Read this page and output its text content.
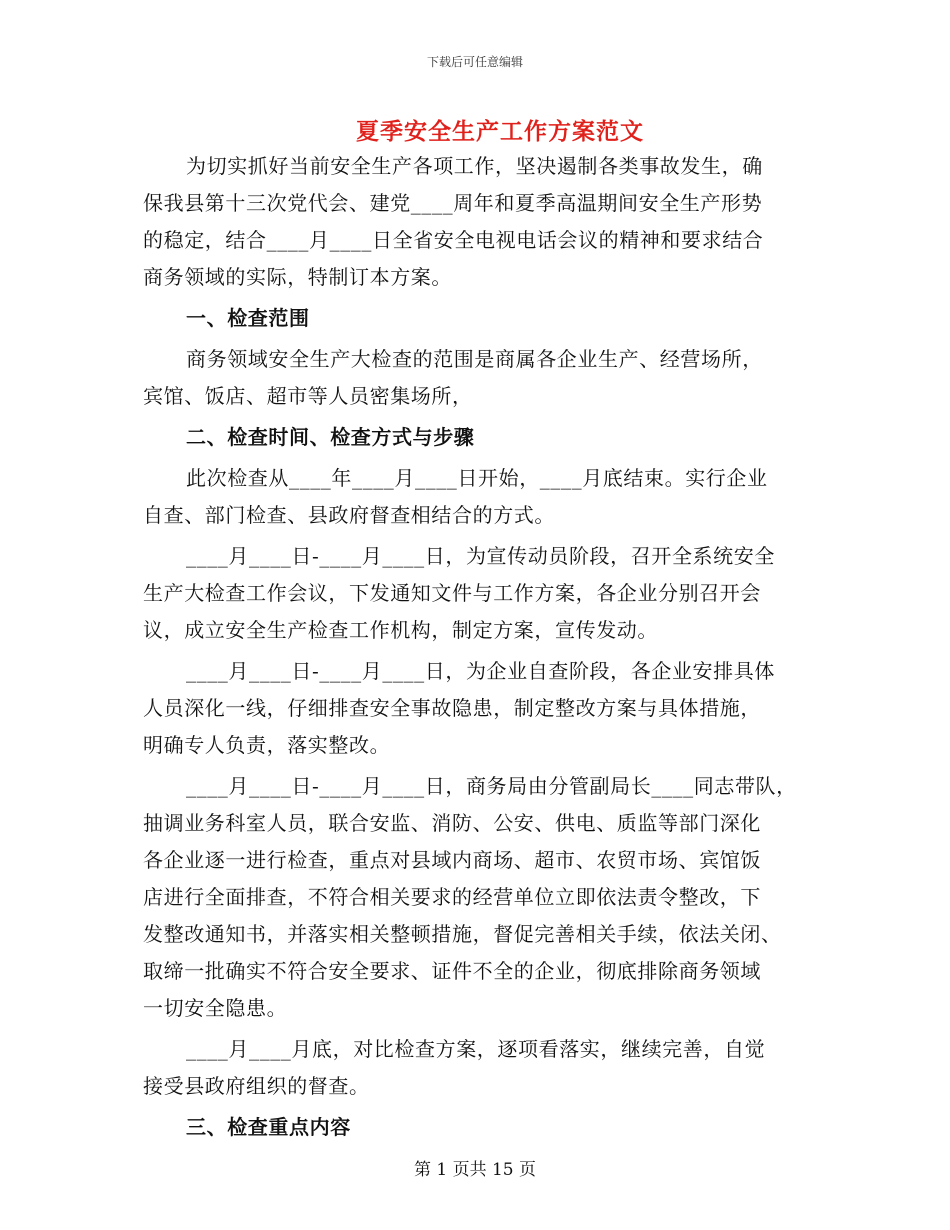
下载后可任意编辑
夏季安全生产工作方案范文
为切实抓好当前安全生产各项工作，坚决遏制各类事故发生，确
保我县第十三次党代会、建党____周年和夏季高温期间安全生产形势
的稳定，结合____月____日全省安全电视电话会议的精神和要求结合
商务领域的实际，特制订本方案。
一、检查范围
商务领域安全生产大检查的范围是商属各企业生产、经营场所，
宾馆、饭店、超市等人员密集场所，
二、检查时间、检查方式与步骤
此次检查从____年____月____日开始，____月底结束。实行企业
自查、部门检查、县政府督查相结合的方式。
____月____日-____月____日，为宣传动员阶段，召开全系统安全
生产大检查工作会议，下发通知文件与工作方案，各企业分别召开会
议，成立安全生产检查工作机构，制定方案，宣传发动。
____月____日-____月____日，为企业自查阶段，各企业安排具体
人员深化一线，仔细排查安全事故隐患，制定整改方案与具体措施，
明确专人负责，落实整改。
____月____日-____月____日，商务局由分管副局长____同志带队，
抽调业务科室人员，联合安监、消防、公安、供电、质监等部门深化
各企业逐一进行检查，重点对县域内商场、超市、农贸市场、宾馆饭
店进行全面排查，不符合相关要求的经营单位立即依法责令整改，下
发整改通知书，并落实相关整顿措施，督促完善相关手续，依法关闭、
取缔一批确实不符合安全要求、证件不全的企业，彻底排除商务领域
一切安全隐患。
____月____月底，对比检查方案，逐项看落实，继续完善，自觉
接受县政府组织的督查。
三、检查重点内容
第 1 页共 15 页
